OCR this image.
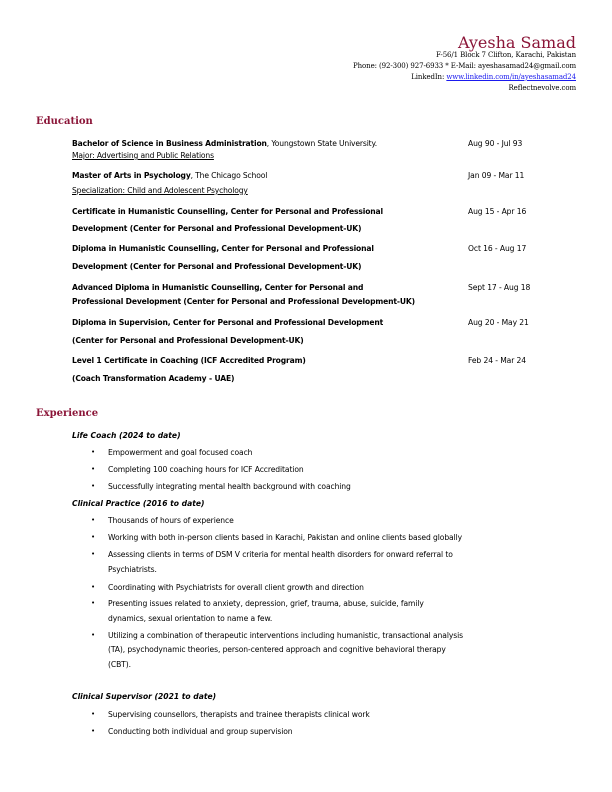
Ayesha Samad
F-56/1 Block 7 Clifton, Karachi, Pakistan
Phone: (92-300) 927-6933 * E-Mail: ayeshasamad24@gmail.com
LinkedIn: www.linkedin.com/in/ayeshasamad24
Reflectnevolve.com
Education
Bachelor of Science in Business Administration, Youngstown State University.
Major: Advertising and Public Relations
Aug 90 - Jul 93
Master of Arts in Psychology, The Chicago School
Specialization: Child and Adolescent Psychology
Jan 09 - Mar 11
Certificate in Humanistic Counselling, Center for Personal and Professional
Development (Center for Personal and Professional Development-UK)
Aug 15 - Apr 16
Diploma in Humanistic Counselling, Center for Personal and Professional
Development (Center for Personal and Professional Development-UK)
Oct 16 - Aug 17
Advanced Diploma in Humanistic Counselling, Center for Personal and
Professional Development (Center for Personal and Professional Development-UK)
Sept 17 - Aug 18
Diploma in Supervision, Center for Personal and Professional Development
(Center for Personal and Professional Development-UK)
Aug 20 - May 21
Level 1 Certificate in Coaching (ICF Accredited Program)
(Coach Transformation Academy - UAE)
Feb 24 - Mar 24
Experience
Life Coach (2024 to date)
• Empowerment and goal focused coach
• Completing 100 coaching hours for ICF Accreditation
• Successfully integrating mental health background with coaching
Clinical Practice (2016 to date)
• Thousands of hours of experience
• Working with both in-person clients based in Karachi, Pakistan and online clients based globally
• Assessing clients in terms of DSM V criteria for mental health disorders for onward referral to
Psychiatrists.
• Coordinating with Psychiatrists for overall client growth and direction
• Presenting issues related to anxiety, depression, grief, trauma, abuse, suicide, family
dynamics, sexual orientation to name a few.
• Utilizing a combination of therapeutic interventions including humanistic, transactional analysis
(TA), psychodynamic theories, person-centered approach and cognitive behavioral therapy
(CBT).
Clinical Supervisor (2021 to date)
• Supervising counsellors, therapists and trainee therapists clinical work
• Conducting both individual and group supervision
